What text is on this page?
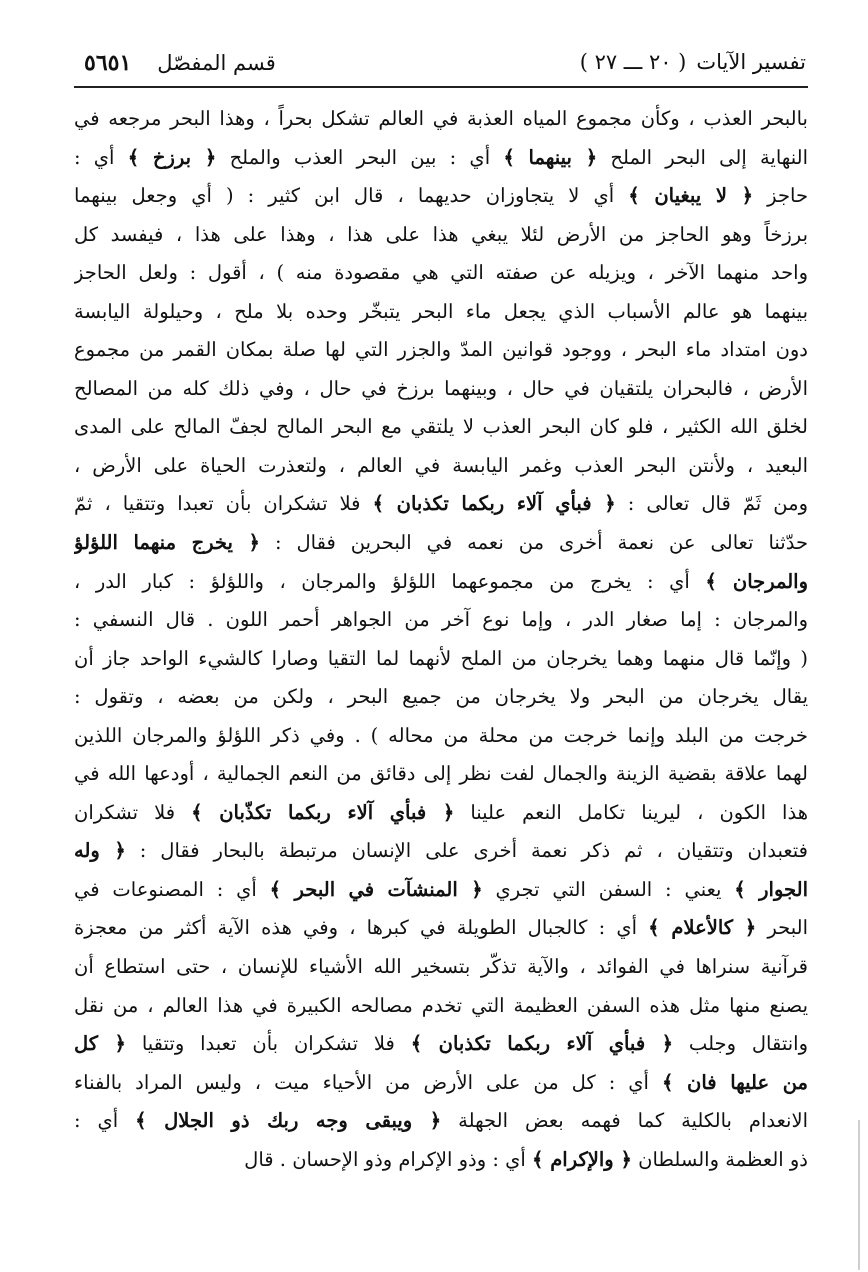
تفسير الآيات( ٢٠ ـــ ٢٧ )
قسم المفصّل٥٦٥١
بالبحر العذب ، وكأن مجموع المياه العذبة في العالم تشكل بحراً ، وهذا البحر مرجعه في
النهاية إلى البحر الملح ﴿ بينهما ﴾ أي : بين البحر العذب والملح ﴿ برزخ ﴾ أي :
حاجز ﴿ لا يبغيان ﴾ أي لا يتجاوزان حديهما ، قال ابن كثير : ( أي وجعل بينهما
برزخاً وهو الحاجز من الأرض لئلا يبغي هذا على هذا ، وهذا على هذا ، فيفسد كل
واحد منهما الآخر ، ويزيله عن صفته التي هي مقصودة منه ) ، أقول : ولعل الحاجز
بينهما هو عالم الأسباب الذي يجعل ماء البحر يتبخّر وحده بلا ملح ، وحيلولة اليابسة
دون امتداد ماء البحر ، ووجود قوانين المدّ والجزر التي لها صلة بمكان القمر من مجموع
الأرض ، فالبحران يلتقيان في حال ، وبينهما برزخ في حال ، وفي ذلك كله من المصالح
لخلق الله الكثير ، فلو كان البحر العذب لا يلتقي مع البحر المالح لجفّ المالح على المدى
البعيد ، ولأنتن البحر العذب وغمر اليابسة في العالم ، ولتعذرت الحياة على الأرض ،
ومن ثَمّ قال تعالى : ﴿ فبأي آلاء ربكما تكذبان ﴾ فلا تشكران بأن تعبدا وتتقيا ، ثمّ
حدّثنا تعالى عن نعمة أخرى من نعمه في البحرين فقال : ﴿ يخرج منهما اللؤلؤ
والمرجان ﴾ أي : يخرج من مجموعهما اللؤلؤ والمرجان ، واللؤلؤ : كبار الدر ،
والمرجان : إما صغار الدر ، وإما نوع آخر من الجواهر أحمر اللون . قال النسفي :
( وإنّما قال منهما وهما يخرجان من الملح لأنهما لما التقيا وصارا كالشيء الواحد جاز أن
يقال يخرجان من البحر ولا يخرجان من جميع البحر ، ولكن من بعضه ، وتقول :
خرجت من البلد وإنما خرجت من محلة من محاله ) . وفي ذكر اللؤلؤ والمرجان اللذين
لهما علاقة بقضية الزينة والجمال لفت نظر إلى دقائق من النعم الجمالية ، أودعها الله في
هذا الكون ، ليرينا تكامل النعم علينا ﴿ فبأي آلاء ربكما تكذّبان ﴾ فلا تشكران
فتعبدان وتتقيان ، ثم ذكر نعمة أخرى على الإنسان مرتبطة بالبحار فقال : ﴿ وله
الجوار ﴾ يعني : السفن التي تجري ﴿ المنشآت في البحر ﴾ أي : المصنوعات في
البحر ﴿ كالأعلام ﴾ أي : كالجبال الطويلة في كبرها ، وفي هذه الآية أكثر من معجزة
قرآنية سنراها في الفوائد ، والآية تذكّر بتسخير الله الأشياء للإنسان ، حتى استطاع أن
يصنع منها مثل هذه السفن العظيمة التي تخدم مصالحه الكبيرة في هذا العالم ، من نقل
وانتقال وجلب ﴿ فبأي آلاء ربكما تكذبان ﴾ فلا تشكران بأن تعبدا وتتقيا ﴿ كل
من عليها فان ﴾ أي : كل من على الأرض من الأحياء ميت ، وليس المراد بالفناء
الانعدام بالكلية كما فهمه بعض الجهلة ﴿ ويبقى وجه ربك ذو الجلال ﴾ أي :
ذو العظمة والسلطان ﴿ والإكرام ﴾ أي : وذو الإكرام وذو الإحسان . قال
